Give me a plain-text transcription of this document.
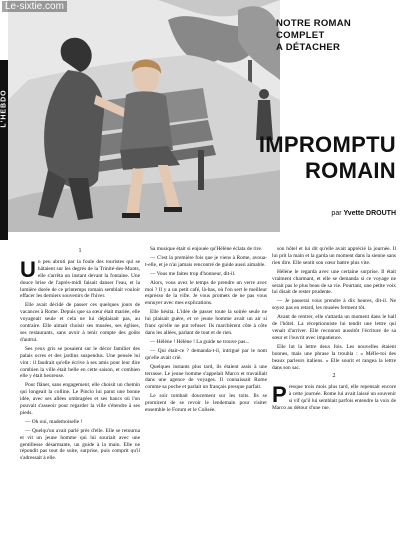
Le-sixtie.com
L'HEBDO
NOTRE ROMAN
COMPLET
A DÉTACHER
IMPROMPTU
ROMAIN
par Yvette DROUTH
1

Un peu abruti par la foule des touristes qui se hâtaient sur les degrés de la Trinité-des-Monts, elle s'arrêta un instant devant la fontaine. Une douce brise de l'après-midi faisait danser l'eau, et la lumière dorée de ce printemps romain semblait vouloir effacer les derniers souvenirs de l'hiver.

Elle avait décidé de passer ces quelques jours de vacances à Rome. Depuis que sa sœur était mariée, elle voyageait seule et cela ne lui déplaisait pas, au contraire. Elle aimait choisir ses musées, ses églises, ses restaurants, sans avoir à tenir compte des goûts d'autrui.

Ses yeux gris se posaient sur le décor familier des palais ocres et des jardins suspendus. Une pensée lui vint : il faudrait qu'elle écrive à ses amis pour leur dire combien la ville était belle en cette saison, et combien elle y était heureuse.

Pour flâner, sans engagement, elle choisit un chemin qui longeait la colline. Le Pincio lui parut une bonne idée, avec ses allées ombragées et ses bancs où l'on pouvait s'asseoir pour regarder la ville s'étendre à ses pieds.

— Oh oui, mademoiselle !

— Quelqu'un avait parlé près d'elle. Elle se retourna et vit un jeune homme qui lui souriait avec une gentillesse désarmante, un guide à la main. Elle ne répondit pas tout de suite, surprise, puis comprit qu'il s'adressait à elle.

Sa musique était si enjouée qu'Hélène éclata de rire.

— C'est la première fois que je viens à Rome, avoua-t-elle, et je n'ai jamais rencontré de guide aussi aimable.

— Vous me faites trop d'honneur, dit-il.

Alors, vous avez le temps de prendre un verre avec moi ? Il y a un petit café, là-bas, où l'on sert le meilleur espresso de la ville. Je vous promets de ne pas vous ennuyer avec mes explications.

Elle hésita. L'idée de passer toute la soirée seule ne lui plaisait guère, et ce jeune homme avait un air si franc qu'elle ne put refuser. Ils marchèrent côte à côte dans les allées, parlant de tout et de rien.

— Hélène ! Hélène ! La guide ne trouve pas...

— Qui était-ce ? demanda-t-il, intrigué par le nom qu'elle avait crié.

Quelques instants plus tard, ils étaient assis à une terrasse. Le jeune homme s'appelait Marco et travaillait dans une agence de voyages. Il connaissait Rome comme sa poche et parlait un français presque parfait.

Le soir tombait doucement sur les toits. Ils se promirent de se revoir le lendemain pour visiter ensemble le Forum et le Colisée.

son hôtel et lui dit qu'elle avait apprécié la journée. Il lui prit la main et la garda un moment dans la sienne sans rien dire. Elle sentit son cœur battre plus vite.

Hélène le regarda avec une certaine surprise. Il était vraiment charmant, et elle se demanda si ce voyage ne serait pas le plus beau de sa vie. Pourtant, une petite voix lui disait de rester prudente.

— Je passerai vous prendre à dix heures, dit-il. Ne soyez pas en retard, les musées ferment tôt.

Avant de rentrer, elle s'attarda un moment dans le hall de l'hôtel. La réceptionniste lui tendit une lettre qui venait d'arriver. Elle reconnut aussitôt l'écriture de sa sœur et l'ouvrit avec impatience.

Elle lut la lettre deux fois. Les nouvelles étaient bonnes, mais une phrase la troubla : « Méfie-toi des beaux parleurs italiens. » Elle sourit et rangea la lettre dans son sac.

2

Presque trois mois plus tard, elle repensait encore à cette journée. Rome lui avait laissé un souvenir si vif qu'il lui semblait parfois entendre la voix de Marco au détour d'une rue.
